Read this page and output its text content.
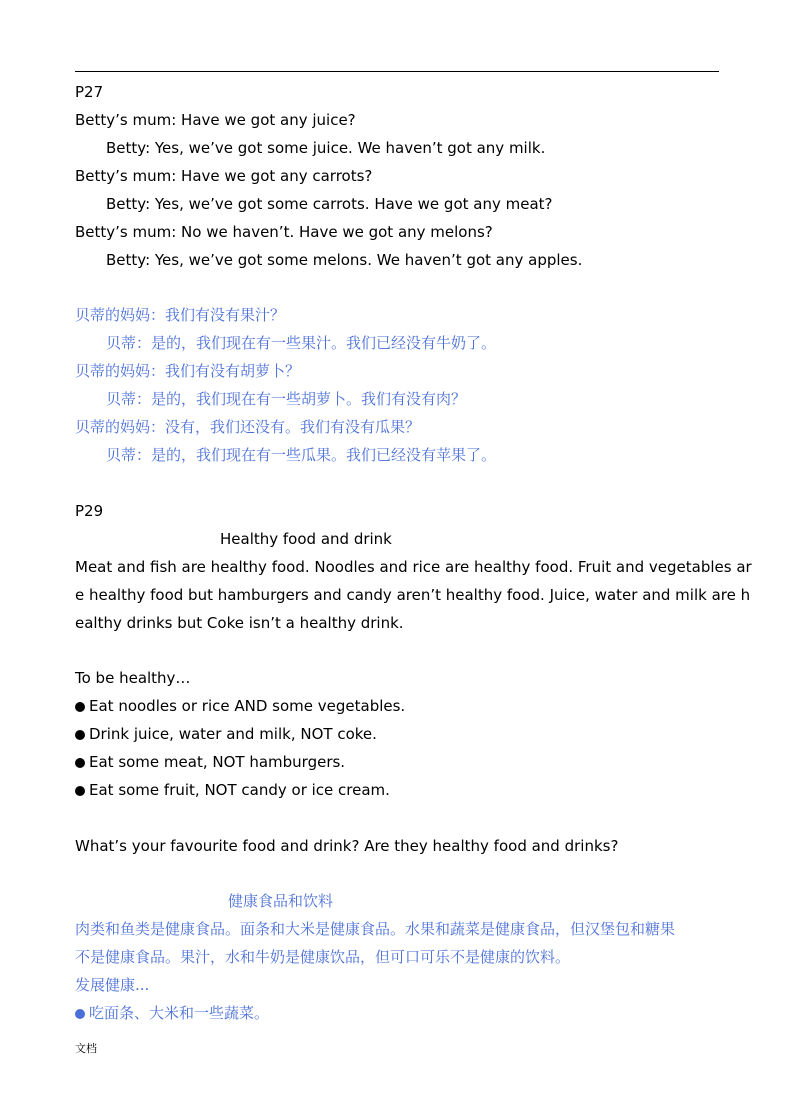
P27
Betty’s mum: Have we got any juice?
Betty: Yes, we’ve got some juice. We haven’t got any milk.
Betty’s mum: Have we got any carrots?
Betty: Yes, we’ve got some carrots. Have we got any meat?
Betty’s mum: No we haven’t. Have we got any melons?
Betty: Yes, we’ve got some melons. We haven’t got any apples.
贝蒂的妈妈：我们有没有果汁？
贝蒂：是的，我们现在有一些果汁。我们已经没有牛奶了。
贝蒂的妈妈：我们有没有胡萝卜？
贝蒂：是的，我们现在有一些胡萝卜。我们有没有肉？
贝蒂的妈妈：没有，我们还没有。我们有没有瓜果？
贝蒂：是的，我们现在有一些瓜果。我们已经没有苹果了。
P29
Healthy food and drink
Meat and fish are healthy food. Noodles and rice are healthy food. Fruit and vegetables ar
e healthy food but hamburgers and candy aren’t healthy food. Juice, water and milk are h
ealthy drinks but Coke isn’t a healthy drink.
To be healthy…
Eat noodles or rice AND some vegetables.
Drink juice, water and milk, NOT coke.
Eat some meat, NOT hamburgers.
Eat some fruit, NOT candy or ice cream.
What’s your favourite food and drink? Are they healthy food and drinks?
健康食品和饮料
肉类和鱼类是健康食品。面条和大米是健康食品。水果和蔬菜是健康食品，但汉堡包和糖果
不是健康食品。果汁，水和牛奶是健康饮品，但可口可乐不是健康的饮料。
发展健康...
吃面条、大米和一些蔬菜。
文档
